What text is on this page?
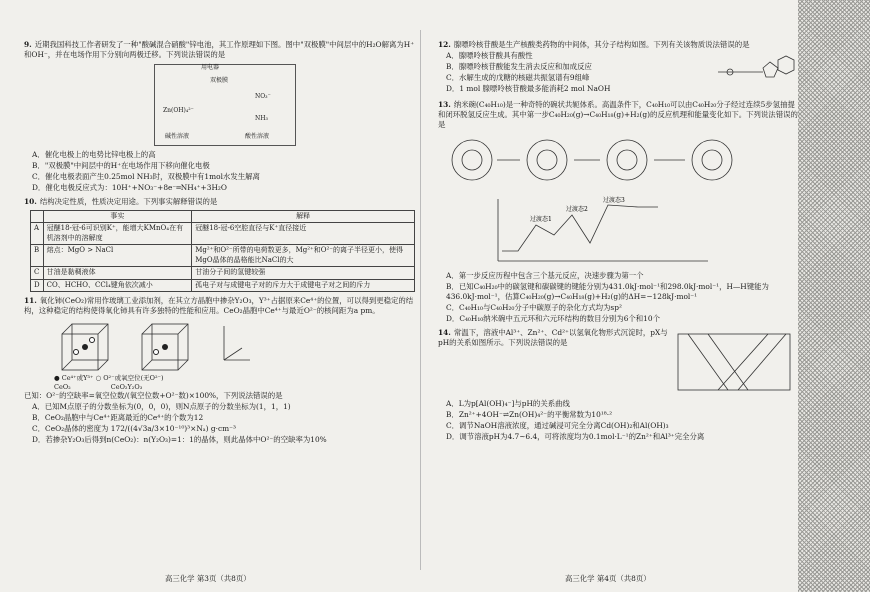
9. 近期我国科技工作者研发了一种"酸碱混合硝酸"锌电池，其工作原理如下图。图中"双极膜"中间层中的H₂O解离为H⁺和OH⁻，并在电场作用下分别向两极迁移。下列说法错误的是
用电器
双极膜
Zn(OH)₄²⁻
NO₃⁻
NH₃
碱性溶液	酸性溶液
A．催化电极上的电势比锌电极上的高
B．"双极膜"中间层中的H⁺在电场作用下移向催化电极
C．催化电极表面产生0.25mol NH₃时，双极膜中有1mol水发生解离
D．催化电极反应式为：10H⁺+NO₃⁻+8e⁻═NH₄⁺+3H₂O
10. 结构决定性质，性质决定用途。下列事实解释错误的是
	事实	解释
A	冠醚18-冠-6可识别K⁺，能增大KMnO₄在有机溶剂中的溶解度	冠醚18-冠-6空腔直径与K⁺直径接近
B	熔点：MgO > NaCl	Mg²⁺和O²⁻所带的电荷数更多，Mg²⁺和O²⁻的离子半径更小，使得MgO晶体的晶格能比NaCl的大
C	甘油是黏稠液体	甘油分子间的氢键较强
D	CO、HCHO、CCl₄键角依次减小	孤电子对与成键电子对的斥力大于成键电子对之间的斥力
11. 氧化铈(CeO₂)常用作玻璃工业添加剂，在其立方晶胞中掺杂Y₂O₃，Y³⁺占据原来Ce⁴⁺的位置，可以得到更稳定的结构，这种稳定的结构使得氧化铈具有许多独特的性能和应用。CeO₂晶胞中Ce⁴⁺与最近O²⁻的核间距为a pm。
● Ce⁴⁺或Y³⁺ ○ O²⁻或氧空位(无O²⁻)
CeO₂	CeO₂Y₂O₃
已知：O²⁻的空缺率=氧空位数/(氧空位数+O²⁻数)×100%，下列说法错误的是
A．已知M点原子的分数坐标为(0，0，0)，则N点原子的分数坐标为(1，1，1)
B．CeO₂晶胞中与Ce⁴⁺距离最近的Ce⁴⁺的个数为12
C．CeO₂晶体的密度为 172/((4√3a/3×10⁻¹⁰)³×Nₐ) g·cm⁻³
D．若掺杂Y₂O₃后得到n(CeO₂)：n(Y₂O₃)=1：1的晶体，则此晶体中O²⁻的空缺率为10%
12. 腺嘌呤核苷酸是生产核酸类药物的中间体，其分子结构如图。下列有关该物质说法错误的是
A．腺嘌呤核苷酸具有酸性
B．腺嘌呤核苷酸能发生消去反应和加成反应
C．水解生成的戊糖的核磁共振氢谱有9组峰
D．1 mol 腺嘌呤核苷酸最多能消耗2 mol NaOH
13. 纳米碗(C₄₀H₁₀)是一种奇特的碗状共轭体系。高温条件下，C₄₀H₁₀可以由C₄₀H₂₀分子经过连续5步氢抽提和闭环脱氢反应生成。其中第一步C₄₀H₂₀(g)→C₄₀H₁₈(g)+H₂(g)的反应机理和能量变化如下。下列说法错误的是

过渡态1
过渡态2
过渡态3
A．第一步反应历程中包含三个基元反应，决速步骤为第一个
B．已知C₄₀H₂₀中的碳氢键和碳碳键的键能分别为431.0kJ·mol⁻¹和298.0kJ·mol⁻¹，H—H键能为436.0kJ·mol⁻¹，估算C₄₀H₂₀(g)→C₄₀H₁₈(g)+H₂(g)的ΔH=−128kJ·mol⁻¹
C．C₄₀H₁₀与C₄₀H₂₀分子中碳原子的杂化方式均为sp²
D．C₄₀H₁₀纳米碗中五元环和六元环结构的数目分别为6个和10个
14. 常温下，溶液中Al³⁺、Zn²⁺、Cd²⁺以氢氧化物形式沉淀时，pX与pH的关系如图所示。下列说法错误的是
A．L为p[Al(OH)₄⁻]与pH的关系曲线
B．Zn²⁺+4OH⁻⇌Zn(OH)₄²⁻的平衡常数为10¹⁸·²
C．调节NaOH溶液浓度，通过碱浸可完全分离Cd(OH)₂和Al(OH)₃
D．调节溶液pH为4.7~6.4，可将浓度均为0.1mol·L⁻¹的Zn²⁺和Al³⁺完全分离
高三化学 第3页（共8页）	高三化学 第4页（共8页）
